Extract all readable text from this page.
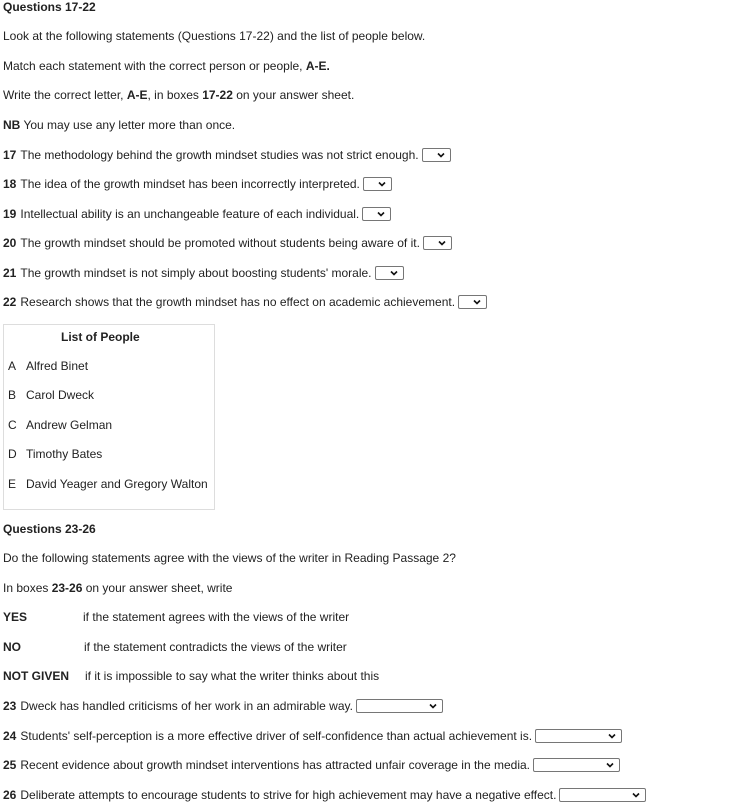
Questions 17-22
Look at the following statements (Questions 17-22) and the list of people below.
Match each statement with the correct person or people, A-E.
Write the correct letter, A-E, in boxes 17-22 on your answer sheet.
NB You may use any letter more than once.
17 The methodology behind the growth mindset studies was not strict enough.
18 The idea of the growth mindset has been incorrectly interpreted.
19 Intellectual ability is an unchangeable feature of each individual.
20 The growth mindset should be promoted without students being aware of it.
21 The growth mindset is not simply about boosting students' morale.
22 Research shows that the growth mindset has no effect on academic achievement.
List of People
A Alfred Binet
B Carol Dweck
C Andrew Gelman
D Timothy Bates
E David Yeager and Gregory Walton
Questions 23-26
Do the following statements agree with the views of the writer in Reading Passage 2?
In boxes 23-26 on your answer sheet, write
YES	if the statement agrees with the views of the writer
NO	if the statement contradicts the views of the writer
NOT GIVEN if it is impossible to say what the writer thinks about this
23 Dweck has handled criticisms of her work in an admirable way.
24 Students' self-perception is a more effective driver of self-confidence than actual achievement is.
25 Recent evidence about growth mindset interventions has attracted unfair coverage in the media.
26 Deliberate attempts to encourage students to strive for high achievement may have a negative effect.
